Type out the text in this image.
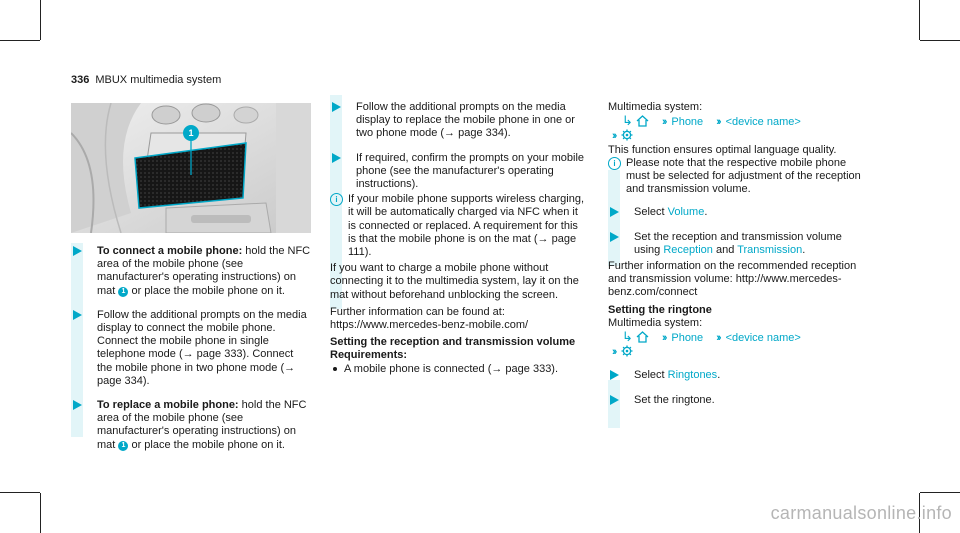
336 MBUX multimedia system
1

To connect a mobile phone: hold the NFC area of the mobile phone (see manufacturer's operating instructions) on mat 1 or place the mobile phone on it.

Follow the additional prompts on the media display to connect the mobile phone. Connect the mobile phone in single telephone mode (→ page 333). Connect the mobile phone in two phone mode (→ page 334).

To replace a mobile phone: hold the NFC area of the mobile phone (see manufacturer's operating instructions) on mat 1 or place the mobile phone on it.

Follow the additional prompts on the media display to replace the mobile phone in one or two phone mode (→ page 334).

If required, confirm the prompts on your mobile phone (see the manufacturer's operating instructions).

i If your mobile phone supports wireless charging, it will be automatically charged via NFC when it is connected or replaced. A requirement for this is that the mobile phone is on the mat (→ page 111).

If you want to charge a mobile phone without connecting it to the multimedia system, lay it on the mat without beforehand unblocking the screen.

Further information can be found at: https://www.mercedes-benz-mobile.com/

Setting the reception and transmission volume

Requirements:

A mobile phone is connected (→ page 333).

Multimedia system:

↳	›› Phone ›› <device name>

››

This function ensures optimal language quality.

i Please note that the respective mobile phone must be selected for adjustment of the reception and transmission volume.

Select Volume.

Set the reception and transmission volume using Reception and Transmission.

Further information on the recommended reception and transmission volume: http://www.mercedes-benz.com/connect

Setting the ringtone

Multimedia system:

↳	›› Phone ›› <device name>

››

Select Ringtones.

Set the ringtone.

carmanualsonline.info
